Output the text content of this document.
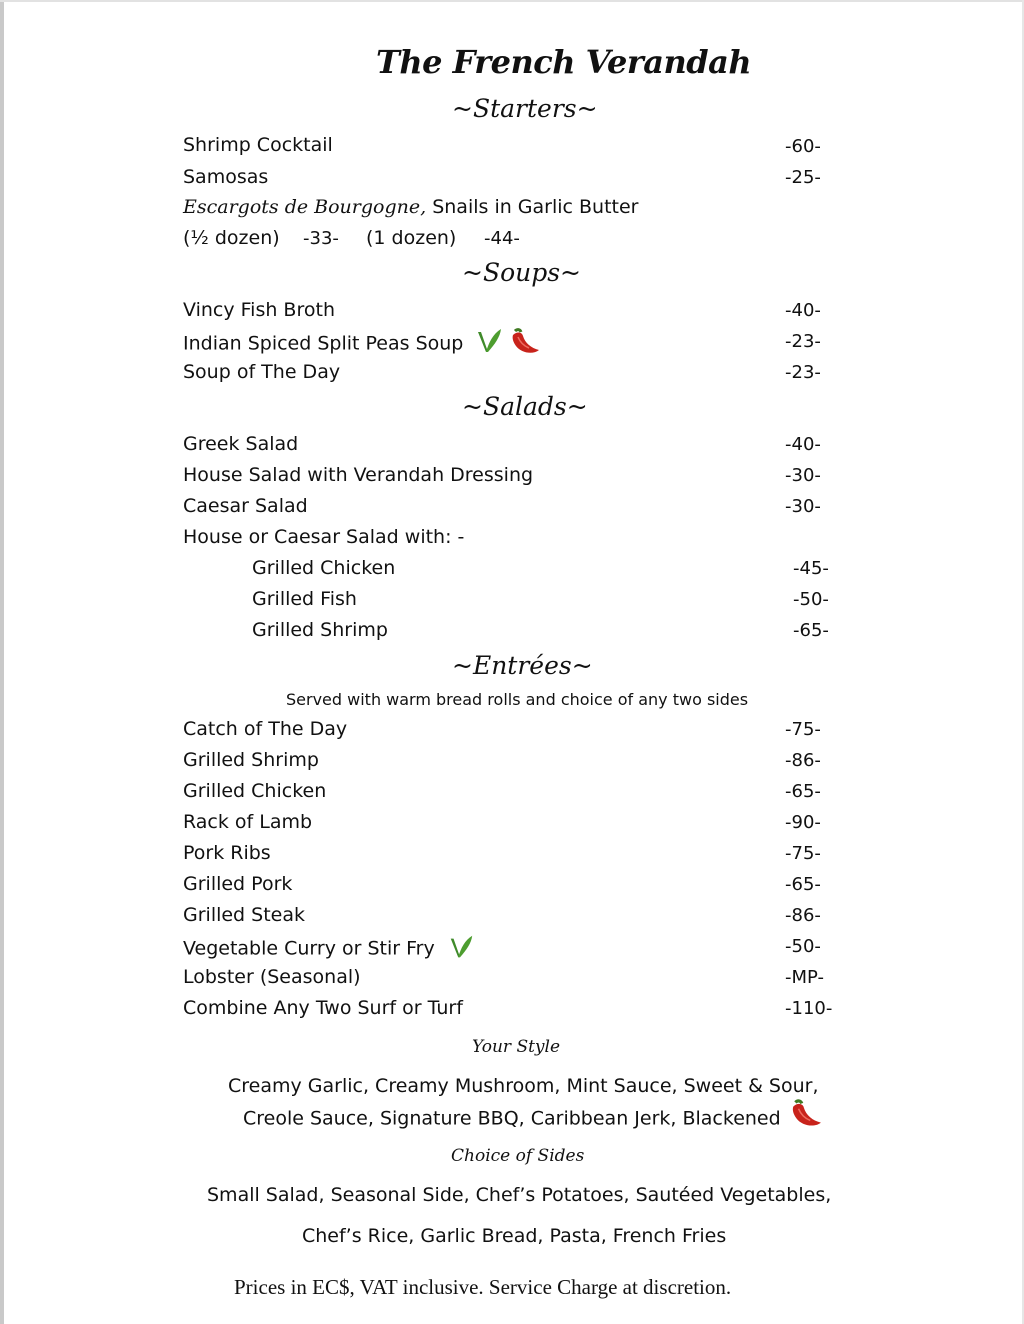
The French Verandah
~Starters~
Shrimp Cocktail	-60-
Samosas	-25-
Escargots de Bourgogne, Snails in Garlic Butter
(½ dozen) -33- (1 dozen) -44-
~Soups~
Vincy Fish Broth	-40-
Indian Spiced Split Peas Soup	-23-
Soup of The Day	-23-
~Salads~
Greek Salad	-40-
House Salad with Verandah Dressing	-30-
Caesar Salad	-30-
House or Caesar Salad with: -
Grilled Chicken	-45-
Grilled Fish	-50-
Grilled Shrimp	-65-
~Entrées~
Served with warm bread rolls and choice of any two sides
Catch of The Day	-75-
Grilled Shrimp	-86-
Grilled Chicken	-65-
Rack of Lamb	-90-
Pork Ribs	-75-
Grilled Pork	-65-
Grilled Steak	-86-
Vegetable Curry or Stir Fry	-50-
Lobster (Seasonal)	-MP-
Combine Any Two Surf or Turf	-110-
Your Style
Creamy Garlic, Creamy Mushroom, Mint Sauce, Sweet & Sour,
Creole Sauce, Signature BBQ, Caribbean Jerk, Blackened
Choice of Sides
Small Salad, Seasonal Side, Chef’s Potatoes, Sautéed Vegetables,
Chef’s Rice, Garlic Bread, Pasta, French Fries
Prices in EC$, VAT inclusive. Service Charge at discretion.
